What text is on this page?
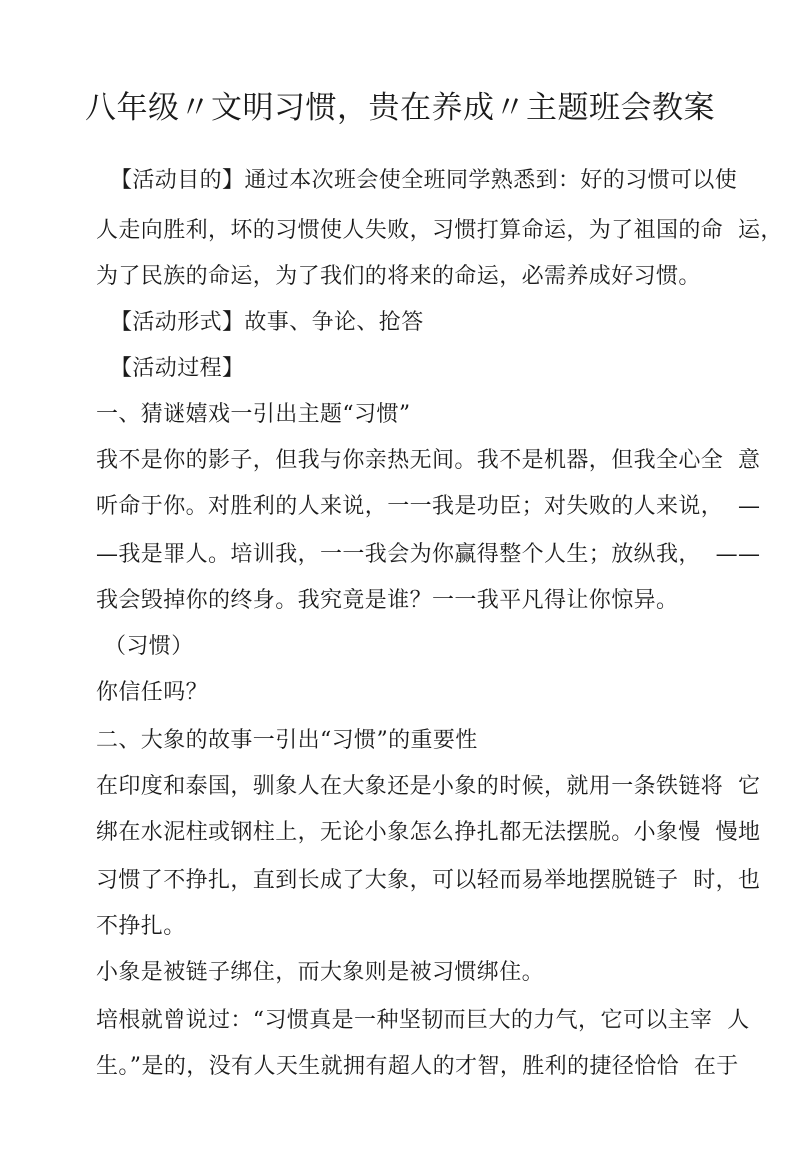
八年级〃文明习惯，贵在养成〃主题班会教案
【活动目的】通过本次班会使全班同学熟悉到：好的习惯可以使
人走向胜利，坏的习惯使人失败，习惯打算命运，为了祖国的命  运，
为了民族的命运，为了我们的将来的命运，必需养成好习惯。
【活动形式】故事、争论、抢答
【活动过程】
一、猜谜嬉戏一引出主题“习惯”
我不是你的影子，但我与你亲热无间。我不是机器，但我全心全  意
听命于你。对胜利的人来说，一一我是功臣；对失败的人来说，  —
—我是罪人。培训我，一一我会为你赢得整个人生；放纵我，  ——
我会毁掉你的终身。我究竟是谁？一一我平凡得让你惊异。
（习惯）
你信任吗？
二、大象的故事一引出“习惯”的重要性
在印度和泰国，驯象人在大象还是小象的时候，就用一条铁链将  它
绑在水泥柱或钢柱上，无论小象怎么挣扎都无法摆脱。小象慢  慢地
习惯了不挣扎，直到长成了大象，可以轻而易举地摆脱链子  时，也
不挣扎。
小象是被链子绑住，而大象则是被习惯绑住。
培根就曾说过：“习惯真是一种坚韧而巨大的力气，它可以主宰  人
生。”是的，没有人天生就拥有超人的才智，胜利的捷径恰恰  在于
